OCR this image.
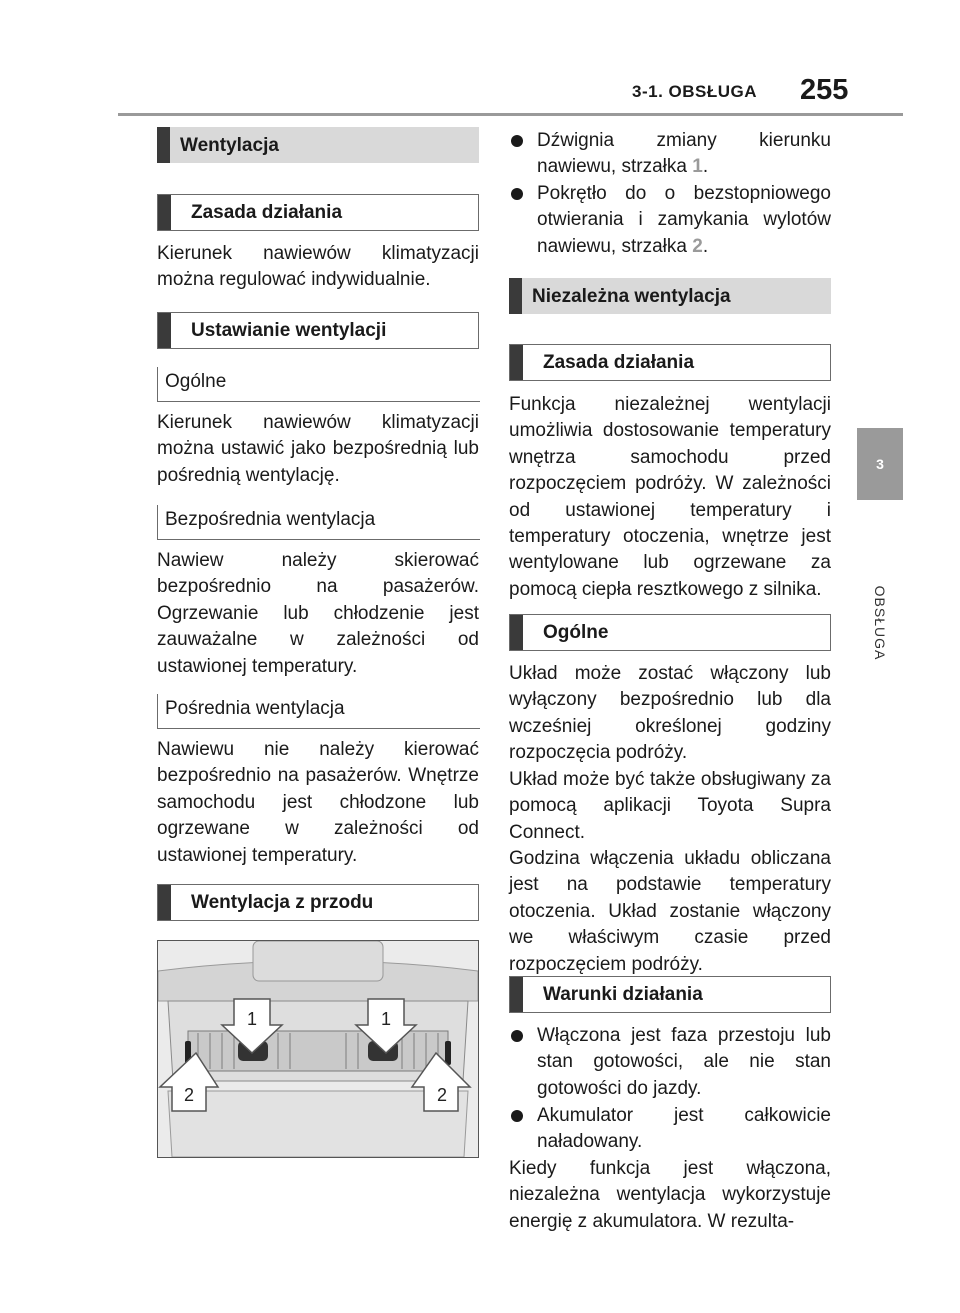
3-1. OBSŁUGA 255
3
OBSŁUGA
Wentylacja
Zasada działania
Kierunek nawiewów klimatyzacji można regulować indywidualnie.
Ustawianie wentylacji
Ogólne
Kierunek nawiewów klimatyzacji można ustawić jako bezpośrednią lub pośrednią wentylację.
Bezpośrednia wentylacja
Nawiew należy skierować bezpośrednio na pasażerów. Ogrzewanie lub chłodzenie jest zauważalne w zależności od ustawionej temperatury.
Pośrednia wentylacja
Nawiewu nie należy kierować bezpośrednio na pasażerów. Wnętrze samochodu jest chłodzone lub ogrzewane w zależności od ustawionej temperatury.
Wentylacja z przodu
1	1
2	2
Dźwignia zmiany kierunku nawiewu, strzałka 1.
Pokrętło do o bezstopniowego otwierania i zamykania wylotów nawiewu, strzałka 2.
Niezależna wentylacja
Zasada działania
Funkcja niezależnej wentylacji umożliwia dostosowanie temperatury wnętrza samochodu przed rozpoczęciem podróży. W zależności od ustawionej temperatury i temperatury otoczenia, wnętrze jest wentylowane lub ogrzewane za pomocą ciepła resztkowego z silnika.
Ogólne
Układ może zostać włączony lub wyłączony bezpośrednio lub dla wcześniej określonej godziny rozpoczęcia podróży.
Układ może być także obsługiwany za pomocą aplikacji Toyota Supra Connect.
Godzina włączenia układu obliczana jest na podstawie temperatury otoczenia. Układ zostanie włączony we właściwym czasie przed rozpoczęciem podróży.
Warunki działania
Włączona jest faza przestoju lub stan gotowości, ale nie stan gotowości do jazdy.
Akumulator jest całkowicie naładowany.
Kiedy funkcja jest włączona, niezależna wentylacja wykorzystuje energię z akumulatora. W rezulta-
